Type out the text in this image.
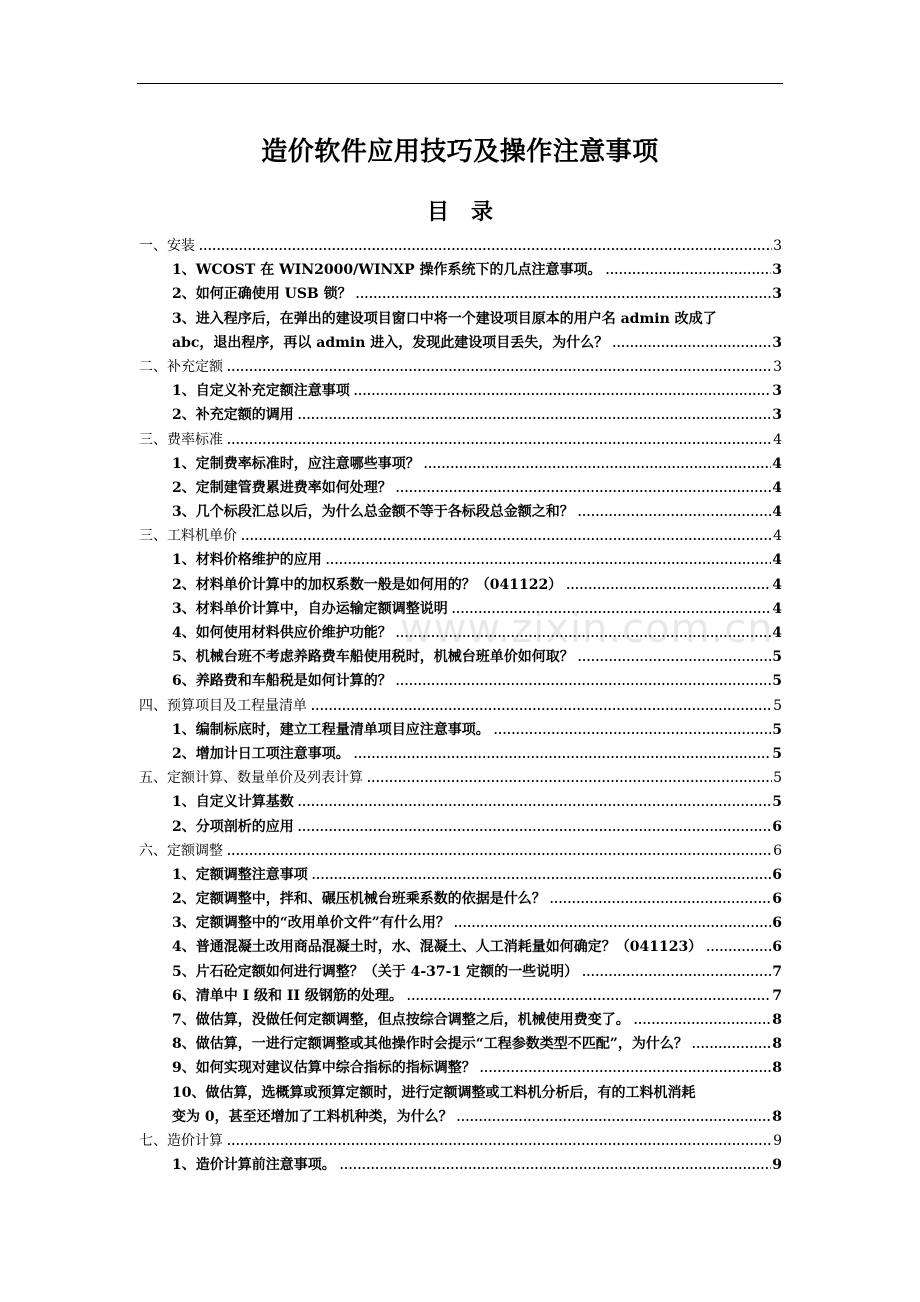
造价软件应用技巧及操作注意事项
目　录
一、安装 .....	3
1、WCOST 在 WIN2000/WINXP 操作系统下的几点注意事项。 .....	3
2、如何正确使用 USB 锁？ .....	3
3、进入程序后，在弹出的建设项目窗口中将一个建设项目原本的用户名 admin 改成了
abc，退出程序，再以 admin 进入，发现此建设项目丢失，为什么？ .....	3
二、补充定额 .....	3
1、自定义补充定额注意事项 .....	3
2、补充定额的调用 .....	3
三、费率标准 .....	4
1、定制费率标准时，应注意哪些事项？ .....	4
2、定制建管费累进费率如何处理？ .....	4
3、几个标段汇总以后，为什么总金额不等于各标段总金额之和？ .....	4
三、工料机单价 .....	4
1、材料价格维护的应用 .....	4
2、材料单价计算中的加权系数一般是如何用的？（041122） .....	4
3、材料单价计算中，自办运输定额调整说明 .....	4
4、如何使用材料供应价维护功能？ .....	4
5、机械台班不考虑养路费车船使用税时，机械台班单价如何取？ .....	5
6、养路费和车船税是如何计算的？ .....	5
四、预算项目及工程量清单 .....	5
1、编制标底时，建立工程量清单项目应注意事项。 .....	5
2、增加计日工项注意事项。 .....	5
五、定额计算、数量单价及列表计算 .....	5
1、自定义计算基数 .....	5
2、分项剖析的应用 .....	6
六、定额调整 .....	6
1、定额调整注意事项 .....	6
2、定额调整中，拌和、碾压机械台班乘系数的依据是什么？ .....	6
3、定额调整中的“改用单价文件”有什么用？ .....	6
4、普通混凝土改用商品混凝土时，水、混凝土、人工消耗量如何确定？（041123） .....	6
5、片石砼定额如何进行调整？（关于 4-37-1 定额的一些说明） .....	7
6、清单中 I 级和 II 级钢筋的处理。 .....	7
7、做估算，没做任何定额调整，但点按综合调整之后，机械使用费变了。 .....	8
8、做估算，一进行定额调整或其他操作时会提示“工程参数类型不匹配”，为什么？ .....	8
9、如何实现对建议估算中综合指标的指标调整？ .....	8
10、做估算，选概算或预算定额时，进行定额调整或工料机分析后，有的工料机消耗
变为 0，甚至还增加了工料机种类，为什么？ .....	8
七、造价计算 .....	9
1、造价计算前注意事项。 .....	9
www.zixin.com.cn
